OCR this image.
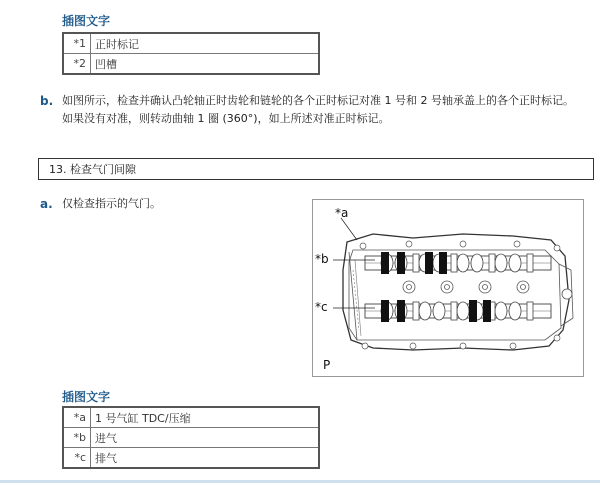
插图文字
*1	正时标记
*2	凹槽
b. 如图所示，检查并确认凸轮轴正时齿轮和链轮的各个正时标记对准 1 号和 2 号轴承盖上的各个正时标记。
如果没有对准，则转动曲轴 1 圈 (360°)，如上所述对准正时标记。
13. 检查气门间隙
a. 仅检查指示的气门。
*a
*b
*c
P
插图文字
*a	1 号气缸 TDC/压缩
*b	进气
*c	排气
